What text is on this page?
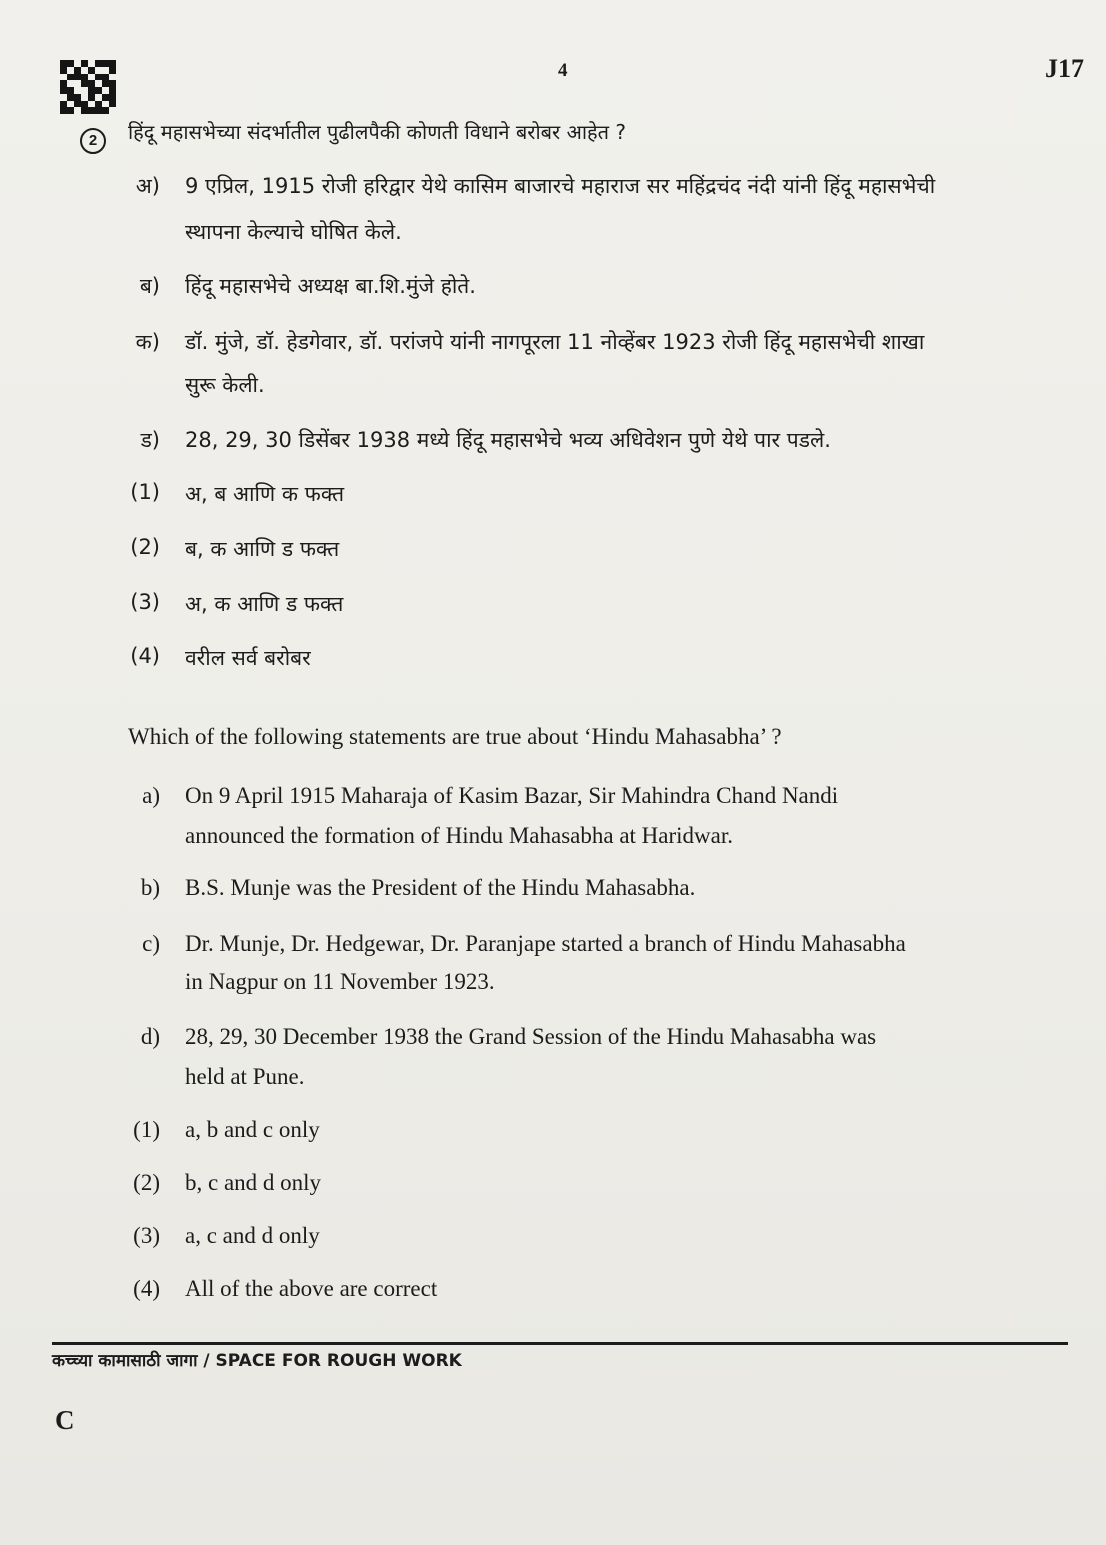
4	J17
2	हिंदू महासभेच्या संदर्भातील पुढीलपैकी कोणती विधाने बरोबर आहेत ?
अ) 9 एप्रिल, 1915 रोजी हरिद्वार येथे कासिम बाजारचे महाराज सर महिंद्रचंद नंदी यांनी हिंदू महासभेची
स्थापना केल्याचे घोषित केले.
ब) हिंदू महासभेचे अध्यक्ष बा.शि.मुंजे होते.
क) डॉ. मुंजे, डॉ. हेडगेवार, डॉ. परांजपे यांनी नागपूरला 11 नोव्हेंबर 1923 रोजी हिंदू महासभेची शाखा
सुरू केली.
ड) 28, 29, 30 डिसेंबर 1938 मध्ये हिंदू महासभेचे भव्य अधिवेशन पुणे येथे पार पडले.
(1) अ, ब आणि क फक्त
(2) ब, क आणि ड फक्त
(3) अ, क आणि ड फक्त
(4) वरील सर्व बरोबर
Which of the following statements are true about ‘Hindu Mahasabha’ ?
a) On 9 April 1915 Maharaja of Kasim Bazar, Sir Mahindra Chand Nandi
announced the formation of Hindu Mahasabha at Haridwar.
b) B.S. Munje was the President of the Hindu Mahasabha.
c) Dr. Munje, Dr. Hedgewar, Dr. Paranjape started a branch of Hindu Mahasabha
in Nagpur on 11 November 1923.
d) 28, 29, 30 December 1938 the Grand Session of the Hindu Mahasabha was
held at Pune.
(1) a, b and c only
(2) b, c and d only
(3) a, c and d only
(4) All of the above are correct
कच्च्या कामासाठी जागा / SPACE FOR ROUGH WORK
C
